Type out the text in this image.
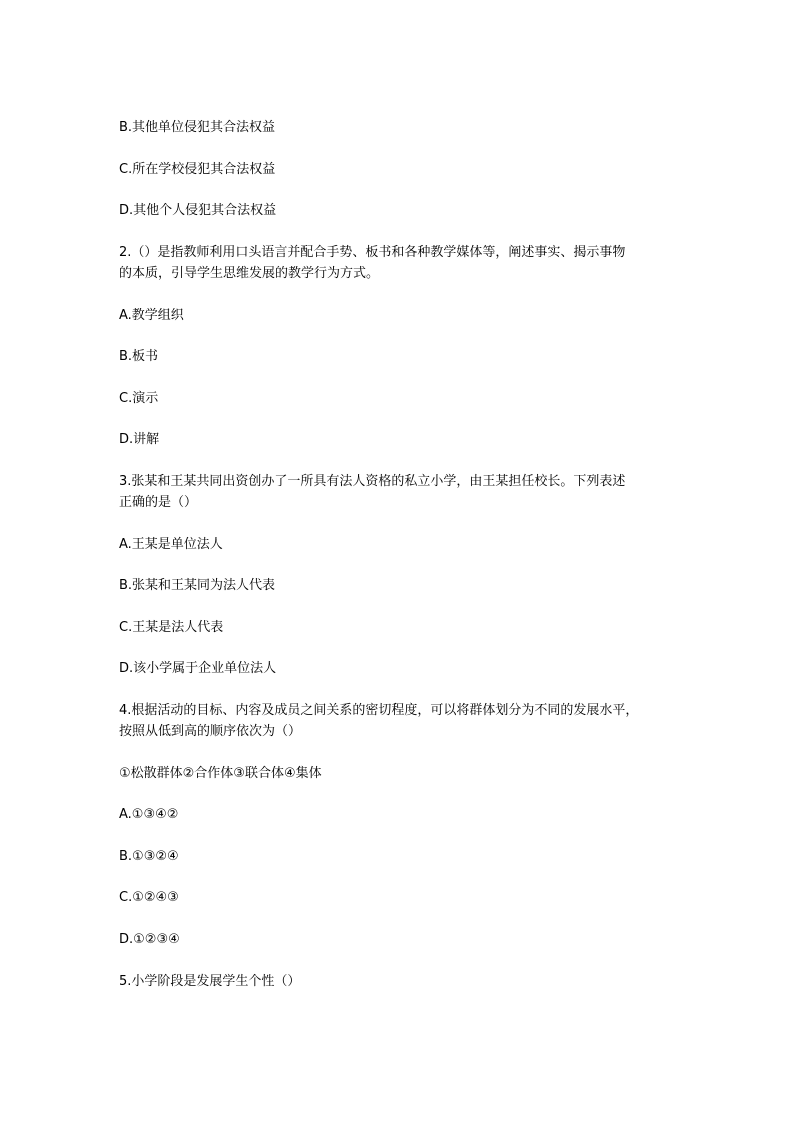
B.其他单位侵犯其合法权益
C.所在学校侵犯其合法权益
D.其他个人侵犯其合法权益
2.（）是指教师利用口头语言并配合手势、板书和各种教学媒体等，阐述事实、揭示事物
的本质，引导学生思维发展的教学行为方式。
A.教学组织
B.板书
C.演示
D.讲解
3.张某和王某共同出资创办了一所具有法人资格的私立小学，由王某担任校长。下列表述
正确的是（）
A.王某是单位法人
B.张某和王某同为法人代表
C.王某是法人代表
D.该小学属于企业单位法人
4.根据活动的目标、内容及成员之间关系的密切程度，可以将群体划分为不同的发展水平，
按照从低到高的顺序依次为（）
①松散群体②合作体③联合体④集体
A.①③④②
B.①③②④
C.①②④③
D.①②③④
5.小学阶段是发展学生个性（）
